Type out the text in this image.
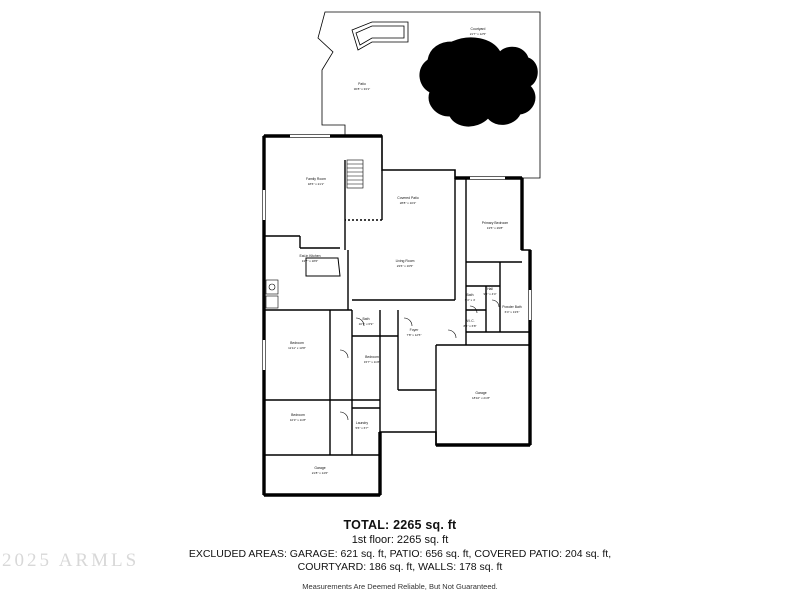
2025 ARMLS
Courtyard
21'7" x 12'5"
Patio
30'8" x 33'1"
Family Room
18'6" x 21'1"
Covered Patio
28'8" x 10'2"
Primary Bedroom
13'5" x 29'8"
Eat-in Kitchen
13'7" x 18'6"	Living Room
23'6" x 16'5"
Hall
9'4" x 4'4"
Bath
5'4" x 4'
Powder Bath
6'4" x 13'6"
W.I.C.
8'4" x 6'8"
Bath
10'7" x 6'9"
Foyer
7'8" x 12'5"
Bedroom
11'11" x 13'8"
Bedroom
15'7" x 11'8"
Garage
18'10" x 21'8"
Bedroom
10'3" x 11'8"
Laundry
5'6" x 6'7"
Garage
21'8" x 14'6"

TOTAL: 2265 sq. ft

1st floor: 2265 sq. ft

EXCLUDED AREAS: GARAGE: 621 sq. ft, PATIO: 656 sq. ft, COVERED PATIO: 204 sq. ft,

COURTYARD: 186 sq. ft, WALLS: 178 sq. ft

Measurements Are Deemed Reliable, But Not Guaranteed.
